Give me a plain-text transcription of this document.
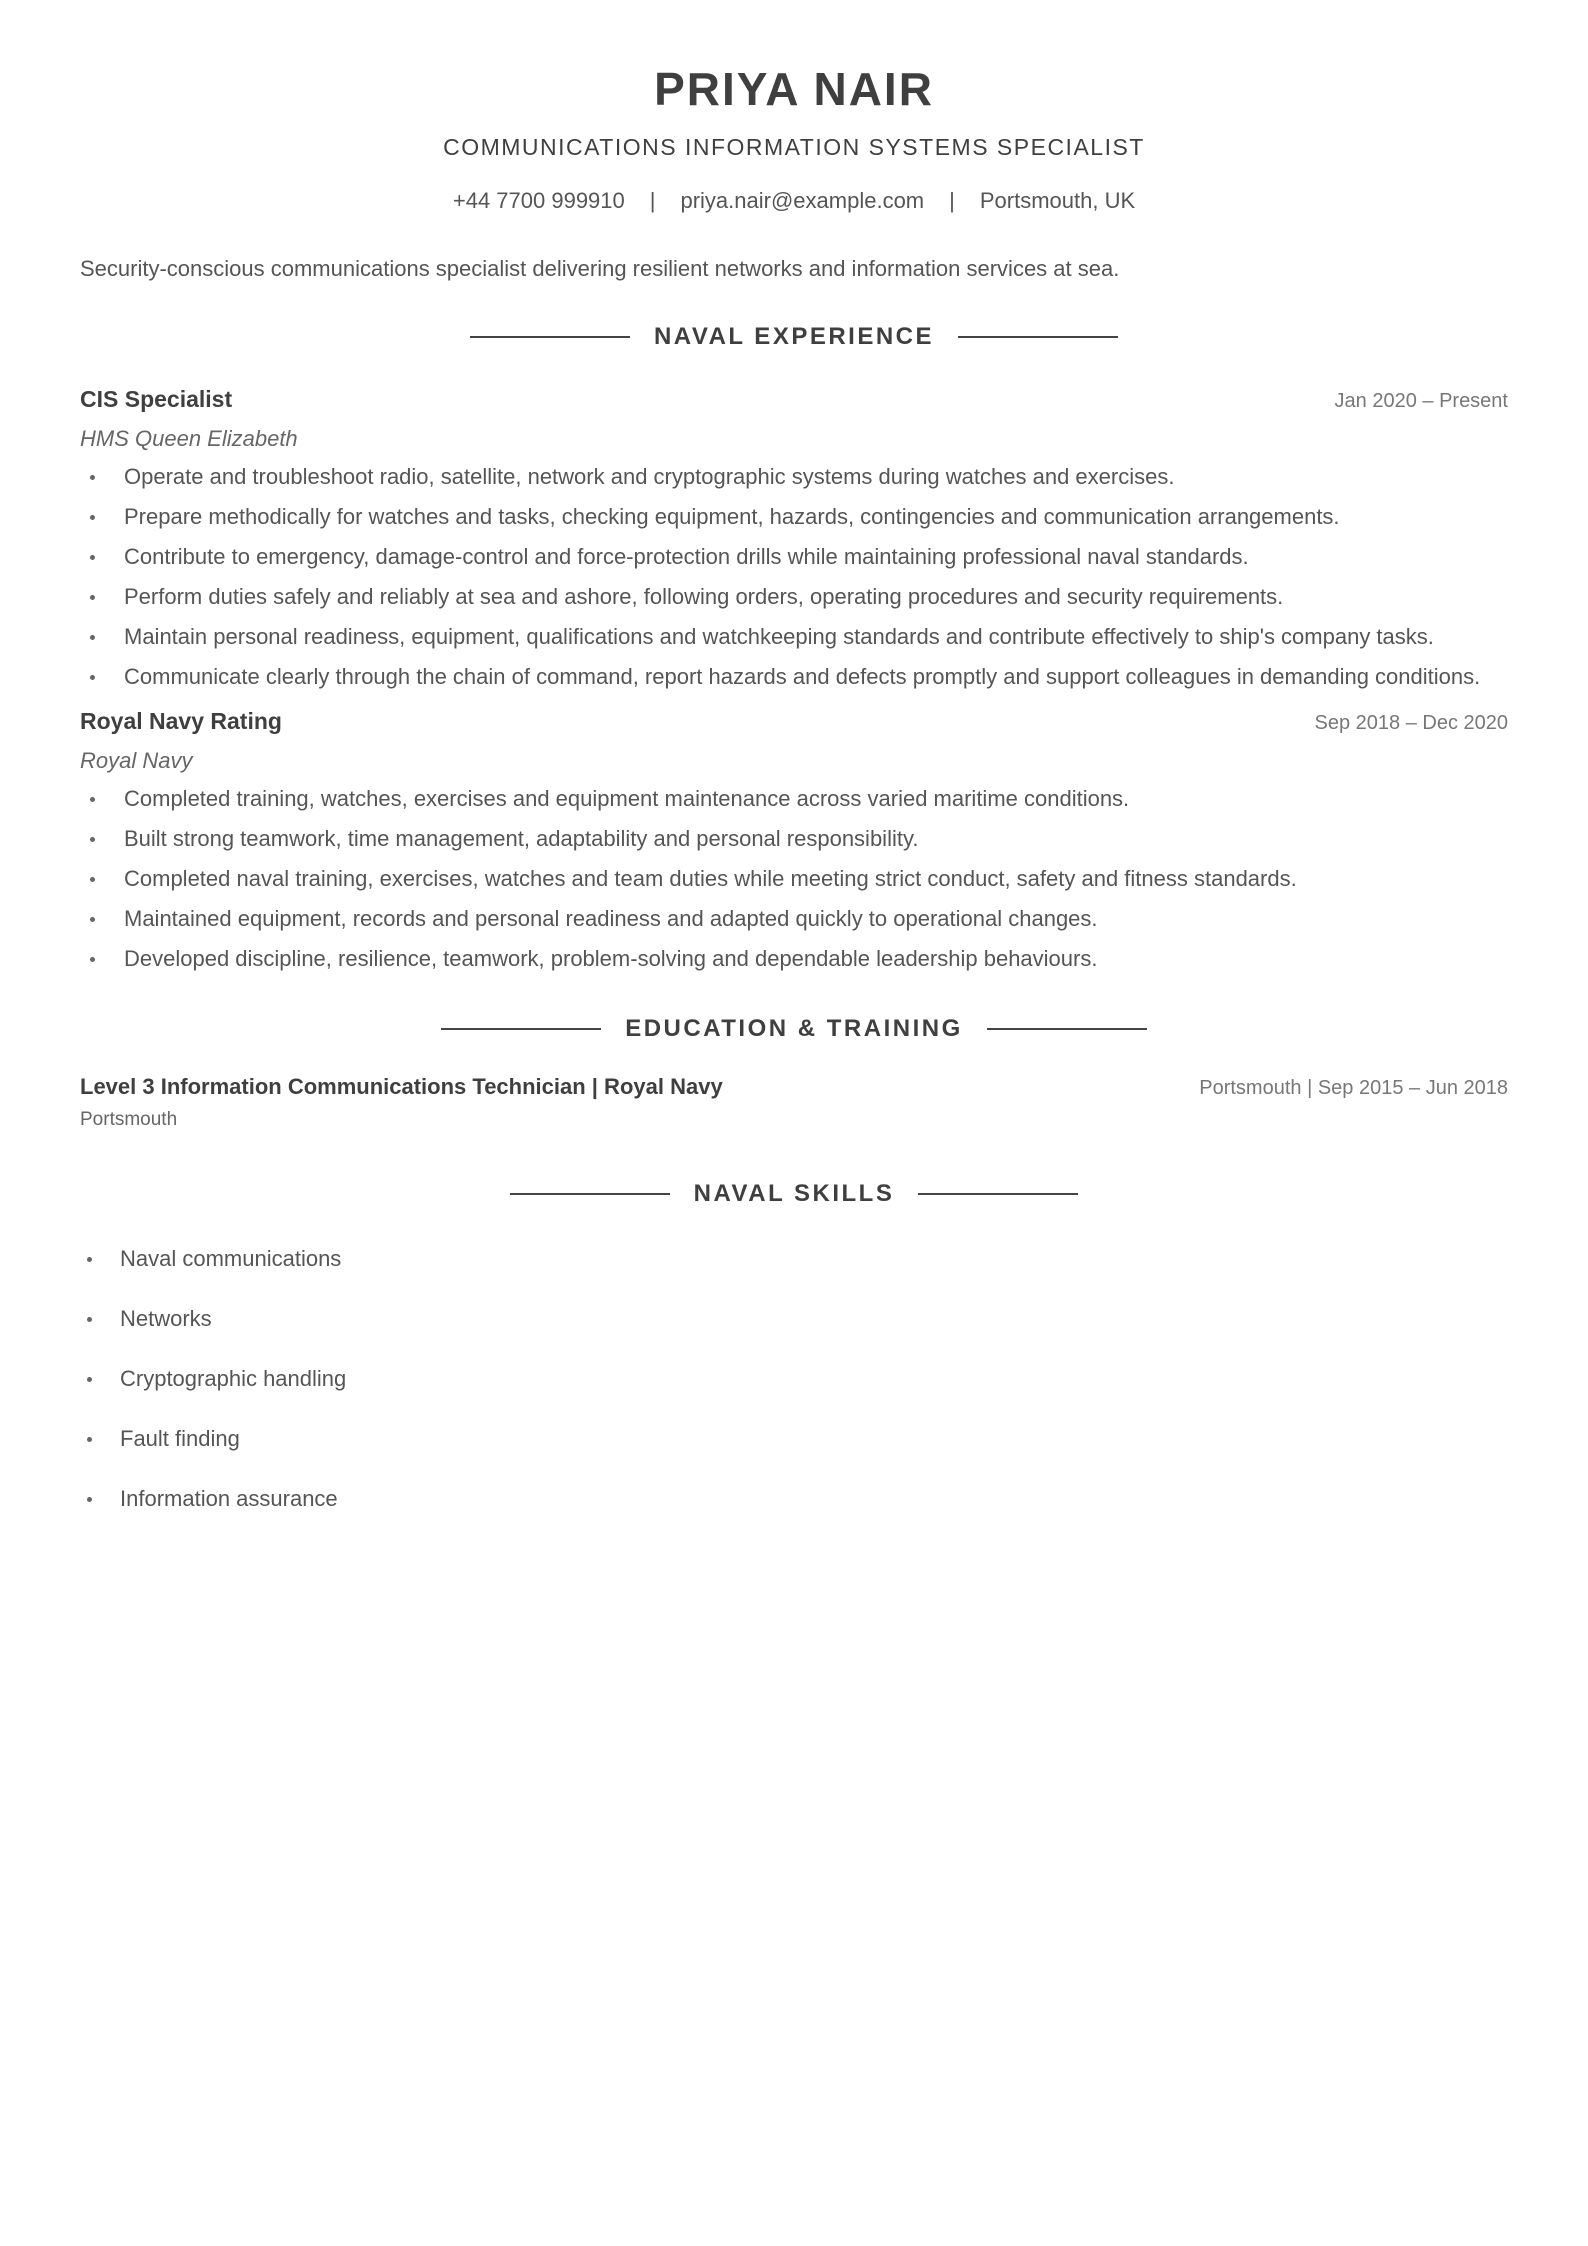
PRIYA NAIR
COMMUNICATIONS INFORMATION SYSTEMS SPECIALIST
+44 7700 999910 | priya.nair@example.com | Portsmouth, UK
Security-conscious communications specialist delivering resilient networks and information services at sea.
NAVAL EXPERIENCE
CIS Specialist	Jan 2020 – Present
HMS Queen Elizabeth
Operate and troubleshoot radio, satellite, network and cryptographic systems during watches and exercises.
Prepare methodically for watches and tasks, checking equipment, hazards, contingencies and communication arrangements.
Contribute to emergency, damage-control and force-protection drills while maintaining professional naval standards.
Perform duties safely and reliably at sea and ashore, following orders, operating procedures and security requirements.
Maintain personal readiness, equipment, qualifications and watchkeeping standards and contribute effectively to ship's company tasks.
Communicate clearly through the chain of command, report hazards and defects promptly and support colleagues in demanding conditions.
Royal Navy Rating	Sep 2018 – Dec 2020
Royal Navy
Completed training, watches, exercises and equipment maintenance across varied maritime conditions.
Built strong teamwork, time management, adaptability and personal responsibility.
Completed naval training, exercises, watches and team duties while meeting strict conduct, safety and fitness standards.
Maintained equipment, records and personal readiness and adapted quickly to operational changes.
Developed discipline, resilience, teamwork, problem-solving and dependable leadership behaviours.
EDUCATION & TRAINING
Level 3 Information Communications Technician | Royal Navy	Portsmouth | Sep 2015 – Jun 2018
Portsmouth
NAVAL SKILLS
Naval communications
Networks
Cryptographic handling
Fault finding
Information assurance
